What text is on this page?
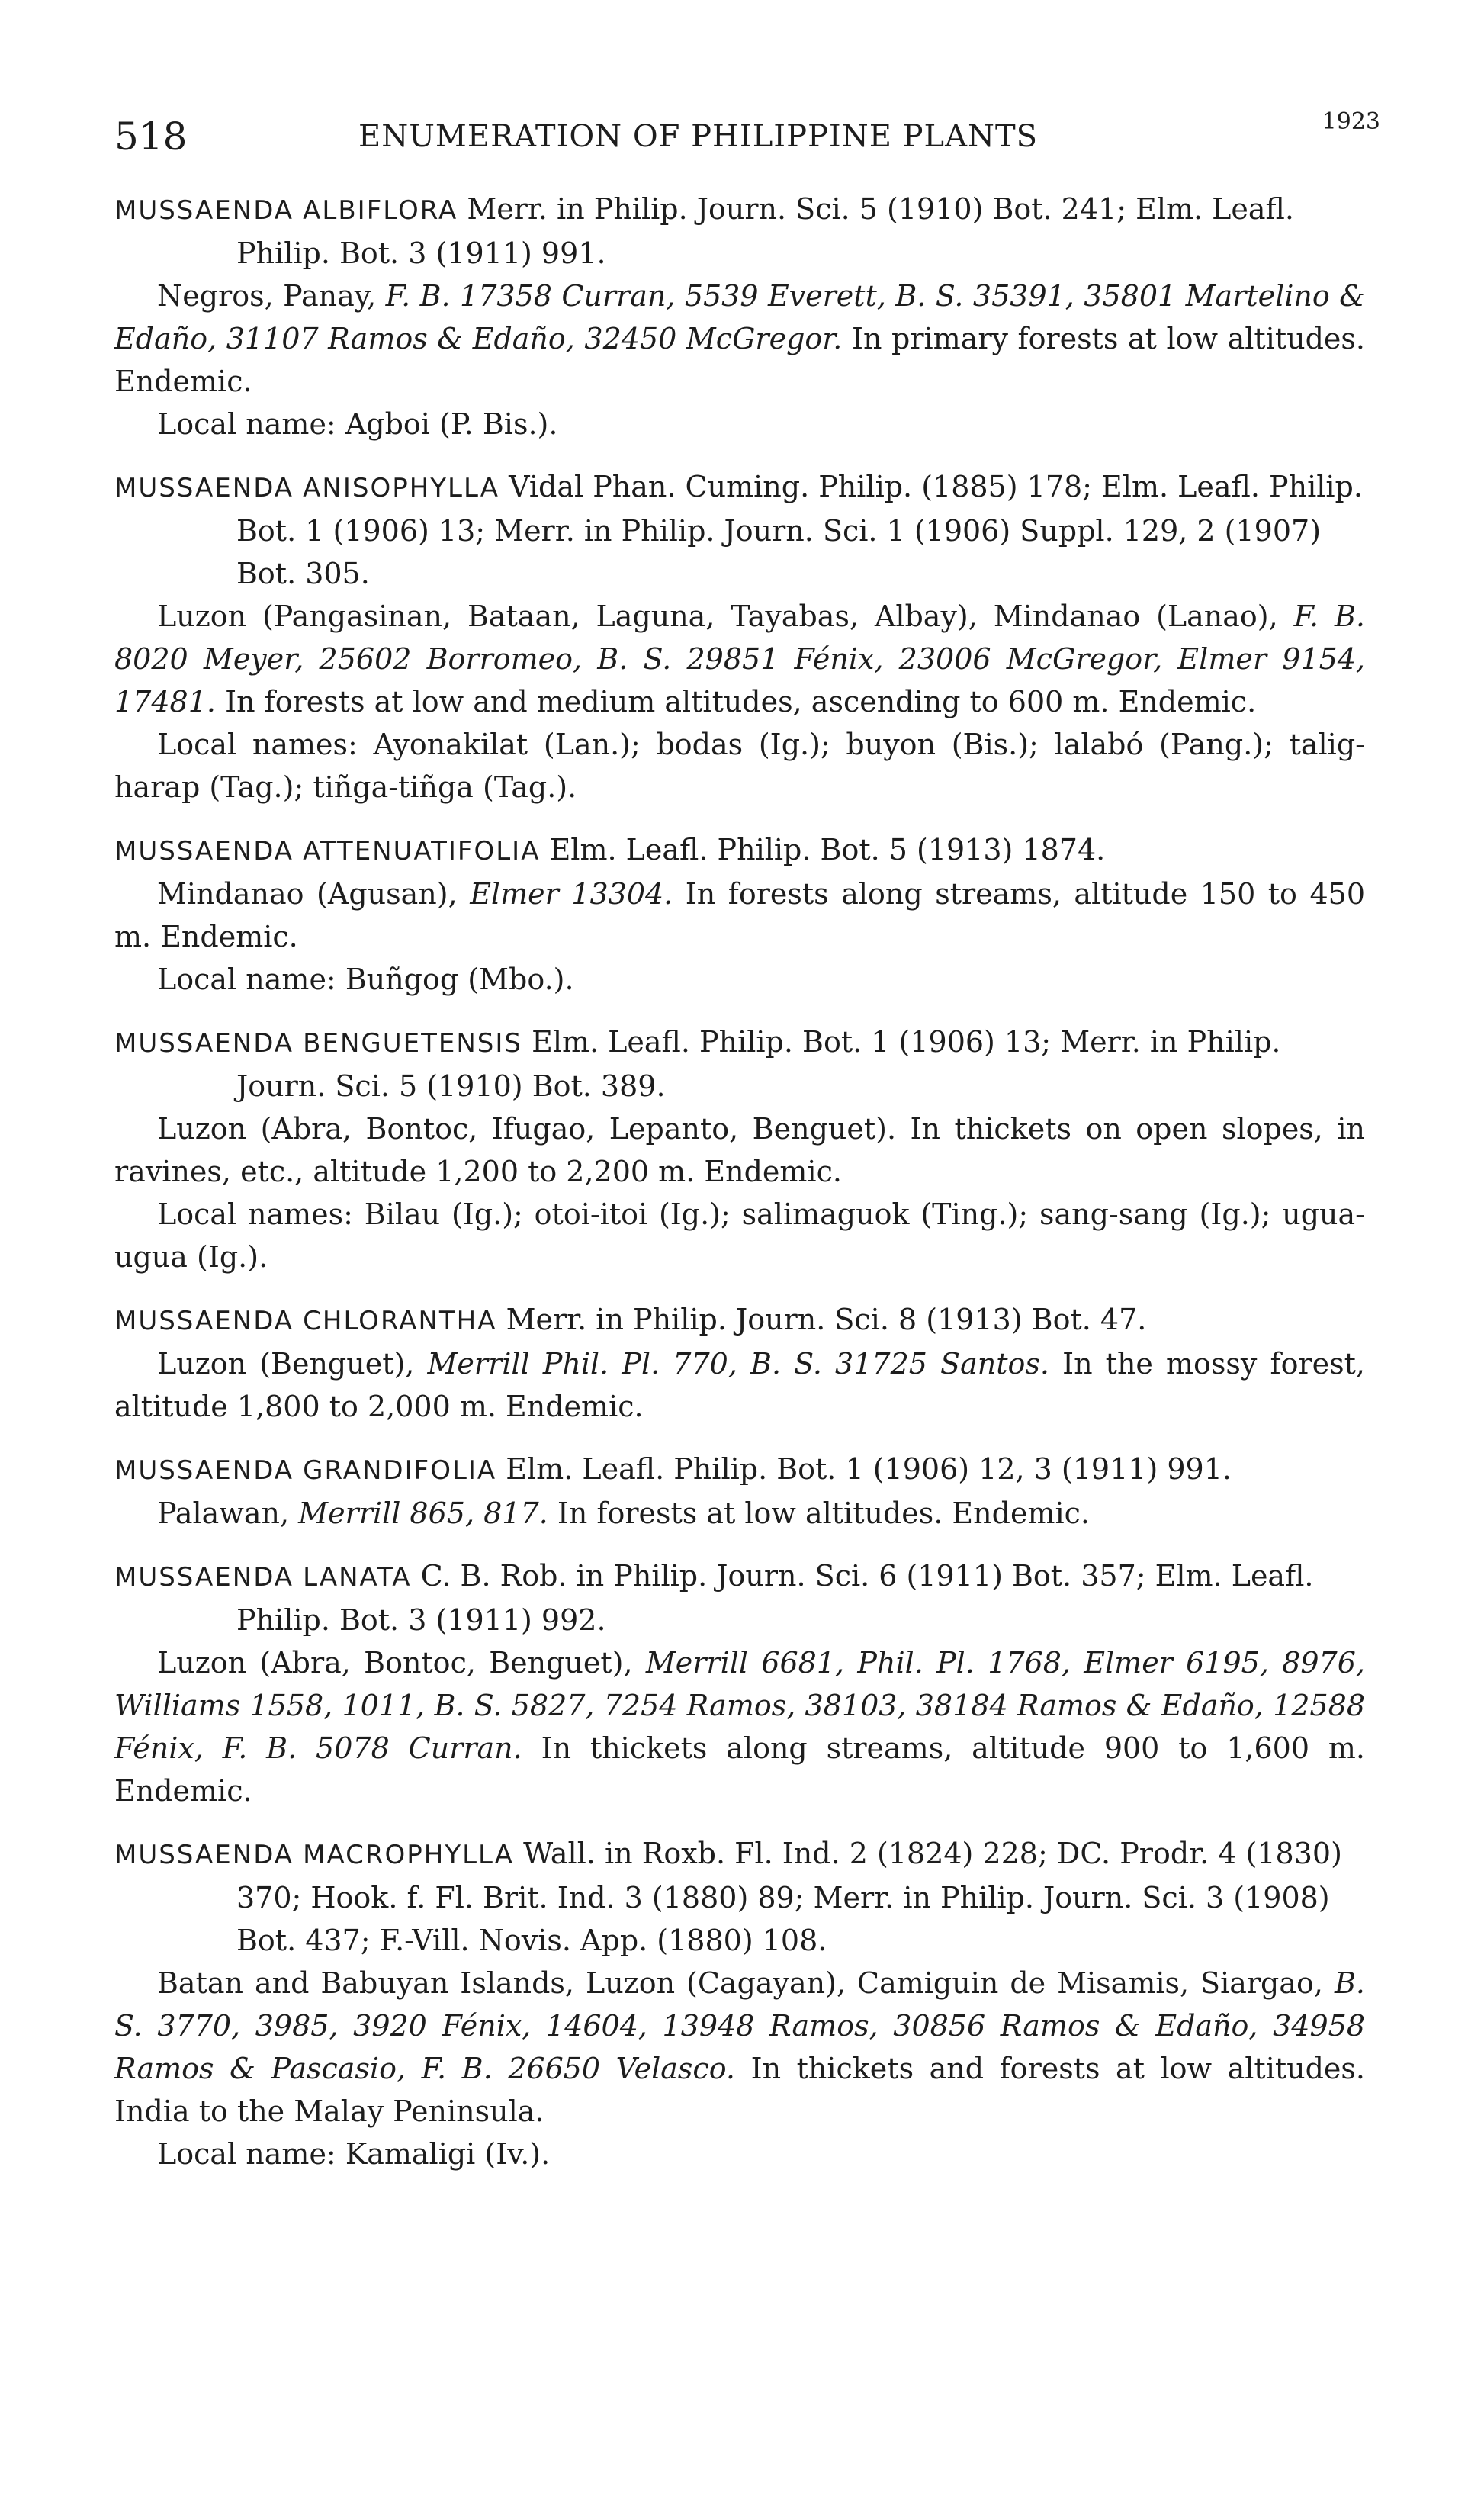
518	ENUMERATION OF PHILIPPINE PLANTS	1923
MUSSAENDA ALBIFLORA Merr. in Philip. Journ. Sci. 5 (1910) Bot. 241; Elm. Leafl. Philip. Bot. 3 (1911) 991.
Negros, Panay, F. B. 17358 Curran, 5539 Everett, B. S. 35391, 35801 Martelino & Edaño, 31107 Ramos & Edaño, 32450 McGregor. In primary forests at low altitudes. Endemic.
Local name: Agboi (P. Bis.).
MUSSAENDA ANISOPHYLLA Vidal Phan. Cuming. Philip. (1885) 178; Elm. Leafl. Philip. Bot. 1 (1906) 13; Merr. in Philip. Journ. Sci. 1 (1906) Suppl. 129, 2 (1907) Bot. 305.
Luzon (Pangasinan, Bataan, Laguna, Tayabas, Albay), Mindanao (Lanao), F. B. 8020 Meyer, 25602 Borromeo, B. S. 29851 Fénix, 23006 McGregor, Elmer 9154, 17481. In forests at low and medium altitudes, ascending to 600 m. Endemic.
Local names: Ayonakilat (Lan.); bodas (Ig.); buyon (Bis.); lalabó (Pang.); talig-harap (Tag.); tiñga-tiñga (Tag.).
MUSSAENDA ATTENUATIFOLIA Elm. Leafl. Philip. Bot. 5 (1913) 1874.
Mindanao (Agusan), Elmer 13304. In forests along streams, altitude 150 to 450 m. Endemic.
Local name: Buñgog (Mbo.).
MUSSAENDA BENGUETENSIS Elm. Leafl. Philip. Bot. 1 (1906) 13; Merr. in Philip. Journ. Sci. 5 (1910) Bot. 389.
Luzon (Abra, Bontoc, Ifugao, Lepanto, Benguet). In thickets on open slopes, in ravines, etc., altitude 1,200 to 2,200 m. Endemic.
Local names: Bilau (Ig.); otoi-itoi (Ig.); salimaguok (Ting.); sang-sang (Ig.); ugua-ugua (Ig.).
MUSSAENDA CHLORANTHA Merr. in Philip. Journ. Sci. 8 (1913) Bot. 47.
Luzon (Benguet), Merrill Phil. Pl. 770, B. S. 31725 Santos. In the mossy forest, altitude 1,800 to 2,000 m. Endemic.
MUSSAENDA GRANDIFOLIA Elm. Leafl. Philip. Bot. 1 (1906) 12, 3 (1911) 991.
Palawan, Merrill 865, 817. In forests at low altitudes. Endemic.
MUSSAENDA LANATA C. B. Rob. in Philip. Journ. Sci. 6 (1911) Bot. 357; Elm. Leafl. Philip. Bot. 3 (1911) 992.
Luzon (Abra, Bontoc, Benguet), Merrill 6681, Phil. Pl. 1768, Elmer 6195, 8976, Williams 1558, 1011, B. S. 5827, 7254 Ramos, 38103, 38184 Ramos & Edaño, 12588 Fénix, F. B. 5078 Curran. In thickets along streams, altitude 900 to 1,600 m. Endemic.
MUSSAENDA MACROPHYLLA Wall. in Roxb. Fl. Ind. 2 (1824) 228; DC. Prodr. 4 (1830) 370; Hook. f. Fl. Brit. Ind. 3 (1880) 89; Merr. in Philip. Journ. Sci. 3 (1908) Bot. 437; F.-Vill. Novis. App. (1880) 108.
Batan and Babuyan Islands, Luzon (Cagayan), Camiguin de Misamis, Siargao, B. S. 3770, 3985, 3920 Fénix, 14604, 13948 Ramos, 30856 Ramos & Edaño, 34958 Ramos & Pascasio, F. B. 26650 Velasco. In thickets and forests at low altitudes. India to the Malay Peninsula.
Local name: Kamaligi (Iv.).
